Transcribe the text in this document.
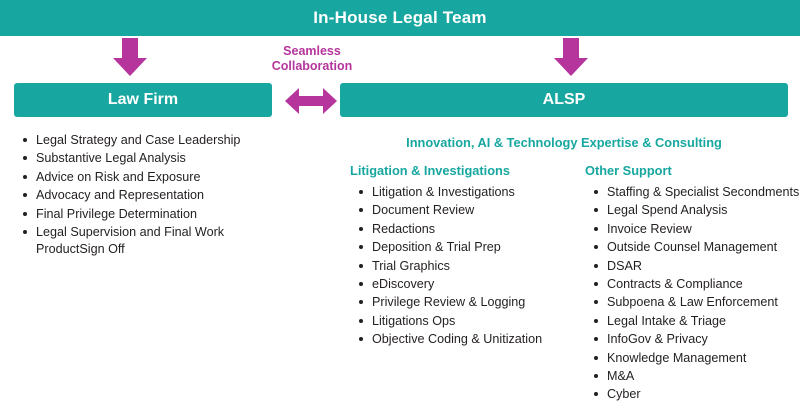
In-House Legal Team
Seamless
Collaboration
Law Firm	ALSP
Legal Strategy and Case Leadership
Substantive Legal Analysis
Advice on Risk and Exposure
Advocacy and Representation
Final Privilege Determination
Legal Supervision and Final Work ProductSign Off
Innovation, AI & Technology Expertise & Consulting
Litigation & Investigations
Litigation & Investigations
Document Review
Redactions
Deposition & Trial Prep
Trial Graphics
eDiscovery
Privilege Review & Logging
Litigations Ops
Objective Coding & Unitization
Other Support
Staffing & Specialist Secondments
Legal Spend Analysis
Invoice Review
Outside Counsel Management
DSAR
Contracts & Compliance
Subpoena & Law Enforcement
Legal Intake & Triage
InfoGov & Privacy
Knowledge Management
M&A
Cyber
